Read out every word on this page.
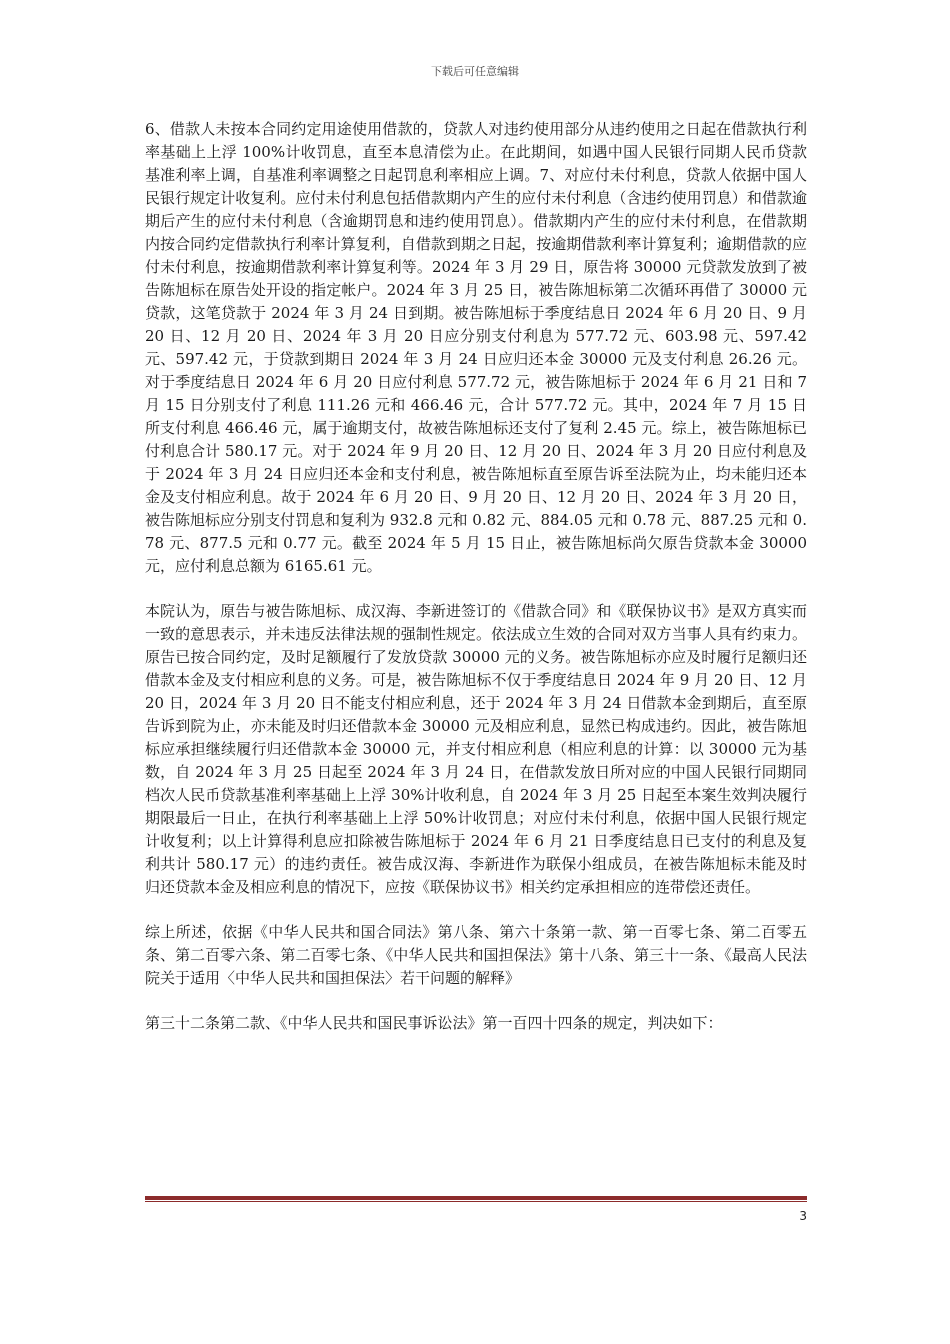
下载后可任意编辑

6、借款人未按本合同约定用途使用借款的，贷款人对违约使用部分从违约使用之日起在借款执行利率基础上上浮 100%计收罚息，直至本息清偿为止。在此期间，如遇中国人民银行同期人民币贷款基准利率上调，自基准利率调整之日起罚息利率相应上调。7、对应付未付利息，贷款人依据中国人民银行规定计收复利。应付未付利息包括借款期内产生的应付未付利息（含违约使用罚息）和借款逾期后产生的应付未付利息（含逾期罚息和违约使用罚息）。借款期内产生的应付未付利息，在借款期内按合同约定借款执行利率计算复利，自借款到期之日起，按逾期借款利率计算复利；逾期借款的应付未付利息，按逾期借款利率计算复利等。2024 年 3 月 29 日，原告将 30000 元贷款发放到了被告陈旭标在原告处开设的指定帐户。2024 年 3 月 25 日，被告陈旭标第二次循环再借了 30000 元贷款，这笔贷款于 2024 年 3 月 24 日到期。被告陈旭标于季度结息日 2024 年 6 月 20 日、9 月 20 日、12 月 20 日、2024 年 3 月 20 日应分别支付利息为 577.72 元、603.98 元、597.42 元、597.42 元，于贷款到期日 2024 年 3 月 24 日应归还本金 30000 元及支付利息 26.26 元。对于季度结息日 2024 年 6 月 20 日应付利息 577.72 元，被告陈旭标于 2024 年 6 月 21 日和 7 月 15 日分别支付了利息 111.26 元和 466.46 元，合计 577.72 元。其中，2024 年 7 月 15 日所支付利息 466.46 元，属于逾期支付，故被告陈旭标还支付了复利 2.45 元。综上，被告陈旭标已付利息合计 580.17 元。对于 2024 年 9 月 20 日、12 月 20 日、2024 年 3 月 20 日应付利息及于 2024 年 3 月 24 日应归还本金和支付利息，被告陈旭标直至原告诉至法院为止，均未能归还本金及支付相应利息。故于 2024 年 6 月 20 日、9 月 20 日、12 月 20 日、2024 年 3 月 20 日，被告陈旭标应分别支付罚息和复利为 932.8 元和 0.82 元、884.05 元和 0.78 元、887.25 元和 0.78 元、877.5 元和 0.77 元。截至 2024 年 5 月 15 日止，被告陈旭标尚欠原告贷款本金 30000 元，应付利息总额为 6165.61 元。

本院认为，原告与被告陈旭标、成汉海、李新进签订的《借款合同》和《联保协议书》是双方真实而一致的意思表示，并未违反法律法规的强制性规定。依法成立生效的合同对双方当事人具有约束力。原告已按合同约定，及时足额履行了发放贷款 30000 元的义务。被告陈旭标亦应及时履行足额归还借款本金及支付相应利息的义务。可是，被告陈旭标不仅于季度结息日 2024 年 9 月 20 日、12 月 20 日，2024 年 3 月 20 日不能支付相应利息，还于 2024 年 3 月 24 日借款本金到期后，直至原告诉到院为止，亦未能及时归还借款本金 30000 元及相应利息，显然已构成违约。因此，被告陈旭标应承担继续履行归还借款本金 30000 元，并支付相应利息（相应利息的计算：以 30000 元为基数，自 2024 年 3 月 25 日起至 2024 年 3 月 24 日，在借款发放日所对应的中国人民银行同期同档次人民币贷款基准利率基础上上浮 30%计收利息，自 2024 年 3 月 25 日起至本案生效判决履行期限最后一日止，在执行利率基础上上浮 50%计收罚息；对应付未付利息，依据中国人民银行规定计收复利；以上计算得利息应扣除被告陈旭标于 2024 年 6 月 21 日季度结息日已支付的利息及复利共计 580.17 元）的违约责任。被告成汉海、李新进作为联保小组成员，在被告陈旭标未能及时归还贷款本金及相应利息的情况下，应按《联保协议书》相关约定承担相应的连带偿还责任。

综上所述，依据《中华人民共和国合同法》第八条、第六十条第一款、第一百零七条、第二百零五条、第二百零六条、第二百零七条、《中华人民共和国担保法》第十八条、第三十一条、《最高人民法院关于适用〈中华人民共和国担保法〉若干问题的解释》

第三十二条第二款、《中华人民共和国民事诉讼法》第一百四十四条的规定，判决如下：

3
